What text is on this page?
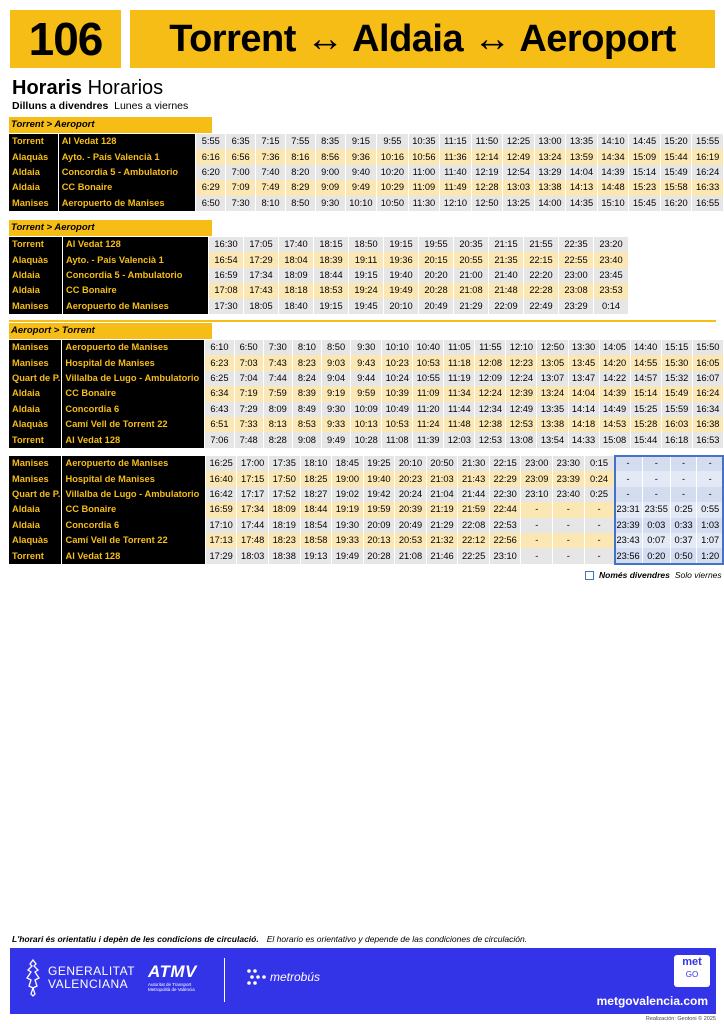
106 Torrent ↔ Aldaia ↔ Aeroport
Horaris Horarios
Dilluns a divendres Lunes a viernes
Torrent > Aeroport
Torrent	Al Vedat 128	5:55	6:35	7:15	7:55	8:35	9:15	9:55	10:35	11:15	11:50	12:25	13:00	13:35	14:10	14:45	15:20	15:55
Alaquàs	Ayto. - País Valencià 1	6:16	6:56	7:36	8:16	8:56	9:36	10:16	10:56	11:36	12:14	12:49	13:24	13:59	14:34	15:09	15:44	16:19
Aldaia	Concordia 5 - Ambulatorio	6:20	7:00	7:40	8:20	9:00	9:40	10:20	11:00	11:40	12:19	12:54	13:29	14:04	14:39	15:14	15:49	16:24
Aldaia	CC Bonaire	6:29	7:09	7:49	8:29	9:09	9:49	10:29	11:09	11:49	12:28	13:03	13:38	14:13	14:48	15:23	15:58	16:33
Manises	Aeropuerto de Manises	6:50	7:30	8:10	8:50	9:30	10:10	10:50	11:30	12:10	12:50	13:25	14:00	14:35	15:10	15:45	16:20	16:55
Torrent > Aeroport
Torrent	Al Vedat 128	16:30	17:05	17:40	18:15	18:50	19:15	19:55	20:35	21:15	21:55	22:35	23:20
Alaquàs	Ayto. - País Valencià 1	16:54	17:29	18:04	18:39	19:11	19:36	20:15	20:55	21:35	22:15	22:55	23:40
Aldaia	Concordia 5 - Ambulatorio	16:59	17:34	18:09	18:44	19:15	19:40	20:20	21:00	21:40	22:20	23:00	23:45
Aldaia	CC Bonaire	17:08	17:43	18:18	18:53	19:24	19:49	20:28	21:08	21:48	22:28	23:08	23:53
Manises	Aeropuerto de Manises	17:30	18:05	18:40	19:15	19:45	20:10	20:49	21:29	22:09	22:49	23:29	0:14
Aeroport > Torrent
Manises	Aeropuerto de Manises	6:10	6:50	7:30	8:10	8:50	9:30	10:10	10:40	11:05	11:55	12:10	12:50	13:30	14:05	14:40	15:15	15:50
Manises	Hospital de Manises	6:23	7:03	7:43	8:23	9:03	9:43	10:23	10:53	11:18	12:08	12:23	13:05	13:45	14:20	14:55	15:30	16:05
Quart de P.	Villalba de Lugo - Ambulatorio	6:25	7:04	7:44	8:24	9:04	9:44	10:24	10:55	11:19	12:09	12:24	13:07	13:47	14:22	14:57	15:32	16:07
Aldaia	CC Bonaire	6:34	7:19	7:59	8:39	9:19	9:59	10:39	11:09	11:34	12:24	12:39	13:24	14:04	14:39	15:14	15:49	16:24
Aldaia	Concordia 6	6:43	7:29	8:09	8:49	9:30	10:09	10:49	11:20	11:44	12:34	12:49	13:35	14:14	14:49	15:25	15:59	16:34
Alaquàs	Camí Vell de Torrent 22	6:51	7:33	8:13	8:53	9:33	10:13	10:53	11:24	11:48	12:38	12:53	13:38	14:18	14:53	15:28	16:03	16:38
Torrent	Al Vedat 128	7:06	7:48	8:28	9:08	9:49	10:28	11:08	11:39	12:03	12:53	13:08	13:54	14:33	15:08	15:44	16:18	16:53
Manises	Aeropuerto de Manises	16:25	17:00	17:35	18:10	18:45	19:25	20:10	20:50	21:30	22:15	23:00	23:30	0:15	-	-	-	-
Manises	Hospital de Manises	16:40	17:15	17:50	18:25	19:00	19:40	20:23	21:03	21:43	22:29	23:09	23:39	0:24	-	-	-	-
Quart de P.	Villalba de Lugo - Ambulatorio	16:42	17:17	17:52	18:27	19:02	19:42	20:24	21:04	21:44	22:30	23:10	23:40	0:25	-	-	-	-
Aldaia	CC Bonaire	16:59	17:34	18:09	18:44	19:19	19:59	20:39	21:19	21:59	22:44	-	-	-	23:31	23:55	0:25	0:55
Aldaia	Concordia 6	17:10	17:44	18:19	18:54	19:30	20:09	20:49	21:29	22:08	22:53	-	-	-	23:39	0:03	0:33	1:03
Alaquàs	Camí Vell de Torrent 22	17:13	17:48	18:23	18:58	19:33	20:13	20:53	21:32	22:12	22:56	-	-	-	23:43	0:07	0:37	1:07
Torrent	Al Vedat 128	17:29	18:03	18:38	19:13	19:49	20:28	21:08	21:46	22:25	23:10	-	-	-	23:56	0:20	0:50	1:20
Només divendres Solo viernes
L'horari és orientatiu i depèn de les condicions de circulació. El horario es orientativo y depende de las condiciones de circulación.
GENERALITAT
VALENCIANA
ATMV
Autoritat de Transport Metropolità de València
metrobús
met
GO
metgovalencia.com
Realización: Geotoni © 2025
